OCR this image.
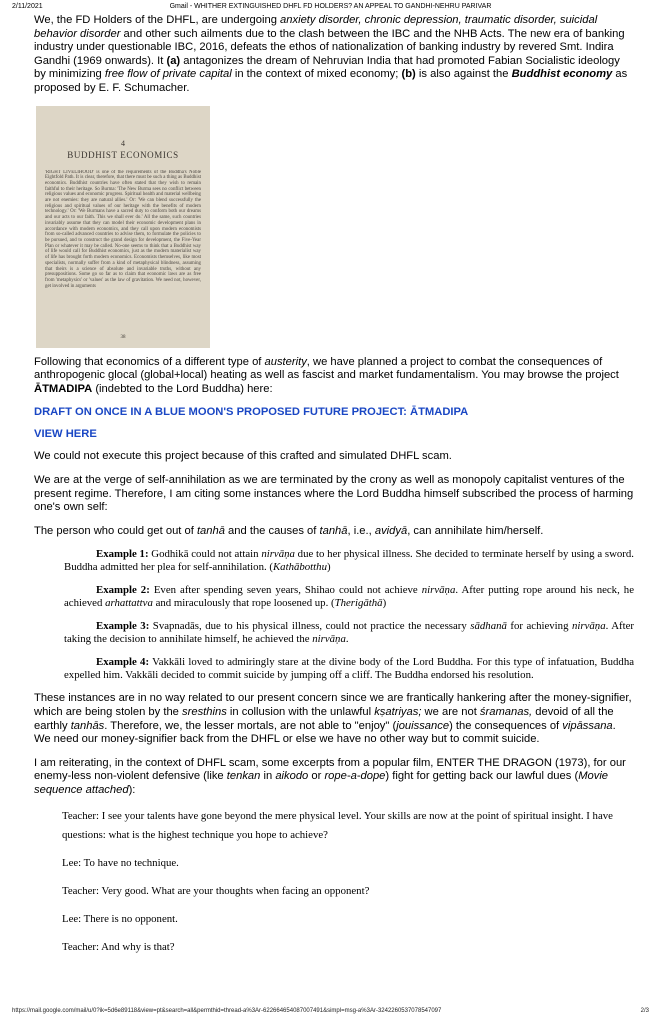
2/11/2021	Gmail - WHITHER EXTINGUISHED DHFL FD HOLDERS? AN APPEAL TO GANDHI-NEHRU PARIVAR

We, the FD Holders of the DHFL, are undergoing anxiety disorder, chronic depression, traumatic disorder, suicidal behavior disorder and other such ailments due to the clash between the IBC and the NHB Acts. The new era of banking industry under questionable IBC, 2016, defeats the ethos of nationalization of banking industry by revered Smt. Indira Gandhi (1969 onwards). It (a) antagonizes the dream of Nehruvian India that had promoted Fabian Socialistic ideology by minimizing free flow of private capital in the context of mixed economy; (b) is also against the Buddhist economy as proposed by E. F. Schumacher.

4
BUDDHIST ECONOMICS
'RIGHT LIVELIHOOD' is one of the requirements of the Buddha's Noble Eightfold Path. It is clear, therefore, that there must be such a thing as Buddhist economics. Buddhist countries have often stated that they wish to remain faithful to their heritage. So Burma: 'The New Burma sees no conflict between religious values and economic progress. Spiritual health and material wellbeing are not enemies: they are natural allies.' Or: 'We can blend successfully the religious and spiritual values of our heritage with the benefits of modern technology.' Or: 'We Burmans have a sacred duty to conform both our dreams and our acts to our faith. This we shall ever do.' All the same, such countries invariably assume that they can model their economic development plans in accordance with modern economics, and they call upon modern economists from so-called advanced countries to advise them, to formulate the policies to be pursued, and to construct the grand design for development, the Five-Year Plan or whatever it may be called. No-one seems to think that a Buddhist way of life would call for Buddhist economics, just as the modern materialist way of life has brought forth modern economics. Economists themselves, like most specialists, normally suffer from a kind of metaphysical blindness, assuming that theirs is a science of absolute and invariable truths, without any presuppositions. Some go so far as to claim that economic laws are as free from 'metaphysics' or 'values' as the law of gravitation. We need not, however, get involved in arguments
38

Following that economics of a different type of austerity, we have planned a project to combat the consequences of anthropogenic glocal (global+local) heating as well as fascist and market fundamentalism. You may browse the project ĀTMADIPA (indebted to the Lord Buddha) here:

DRAFT ON ONCE IN A BLUE MOON'S PROPOSED FUTURE PROJECT: ĀTMADIPA
VIEW HERE

We could not execute this project because of this crafted and simulated DHFL scam.

We are at the verge of self-annihilation as we are terminated by the crony as well as monopoly capitalist ventures of the present regime. Therefore, I am citing some instances where the Lord Buddha himself subscribed the process of harming one's own self:

The person who could get out of tanhā and the causes of tanhā, i.e., avidyā, can annihilate him/herself.

Example 1: Godhikā could not attain nirvāṇa due to her physical illness. She decided to terminate herself by using a sword. Buddha admitted her plea for self-annihilation. (Kathābotthu)

Example 2: Even after spending seven years, Shihao could not achieve nirvāṇa. After putting rope around his neck, he achieved arhattattva and miraculously that rope loosened up. (Therigāthā)

Example 3: Svapnadās, due to his physical illness, could not practice the necessary sādhanā for achieving nirvāṇa. After taking the decision to annihilate himself, he achieved the nirvāṇa.

Example 4: Vakkāli loved to admiringly stare at the divine body of the Lord Buddha. For this type of infatuation, Buddha expelled him. Vakkāli decided to commit suicide by jumping off a cliff. The Buddha endorsed his resolution.

These instances are in no way related to our present concern since we are frantically hankering after the money-signifier, which are being stolen by the sresthins in collusion with the unlawful kṣatriyas; we are not śramanas, devoid of all the earthly tanhās. Therefore, we, the lesser mortals, are not able to "enjoy" (jouissance) the consequences of vipāssana. We need our money-signifier back from the DHFL or else we have no other way but to commit suicide.

I am reiterating, in the context of DHFL scam, some excerpts from a popular film, ENTER THE DRAGON (1973), for our enemy-less non-violent defensive (like tenkan in aikodo or rope-a-dope) fight for getting back our lawful dues (Movie sequence attached):

Teacher: I see your talents have gone beyond the mere physical level. Your skills are now at the point of spiritual insight. I have questions: what is the highest technique you hope to achieve?
Lee: To have no technique.
Teacher: Very good. What are your thoughts when facing an opponent?
Lee: There is no opponent.
Teacher: And why is that?
https://mail.google.com/mail/u/0?ik=5d6e89118&view=pt&search=all&permthid=thread-a%3Ar-622664654087007491&simpl=msg-a%3Ar-3242260537078547097	2/3
